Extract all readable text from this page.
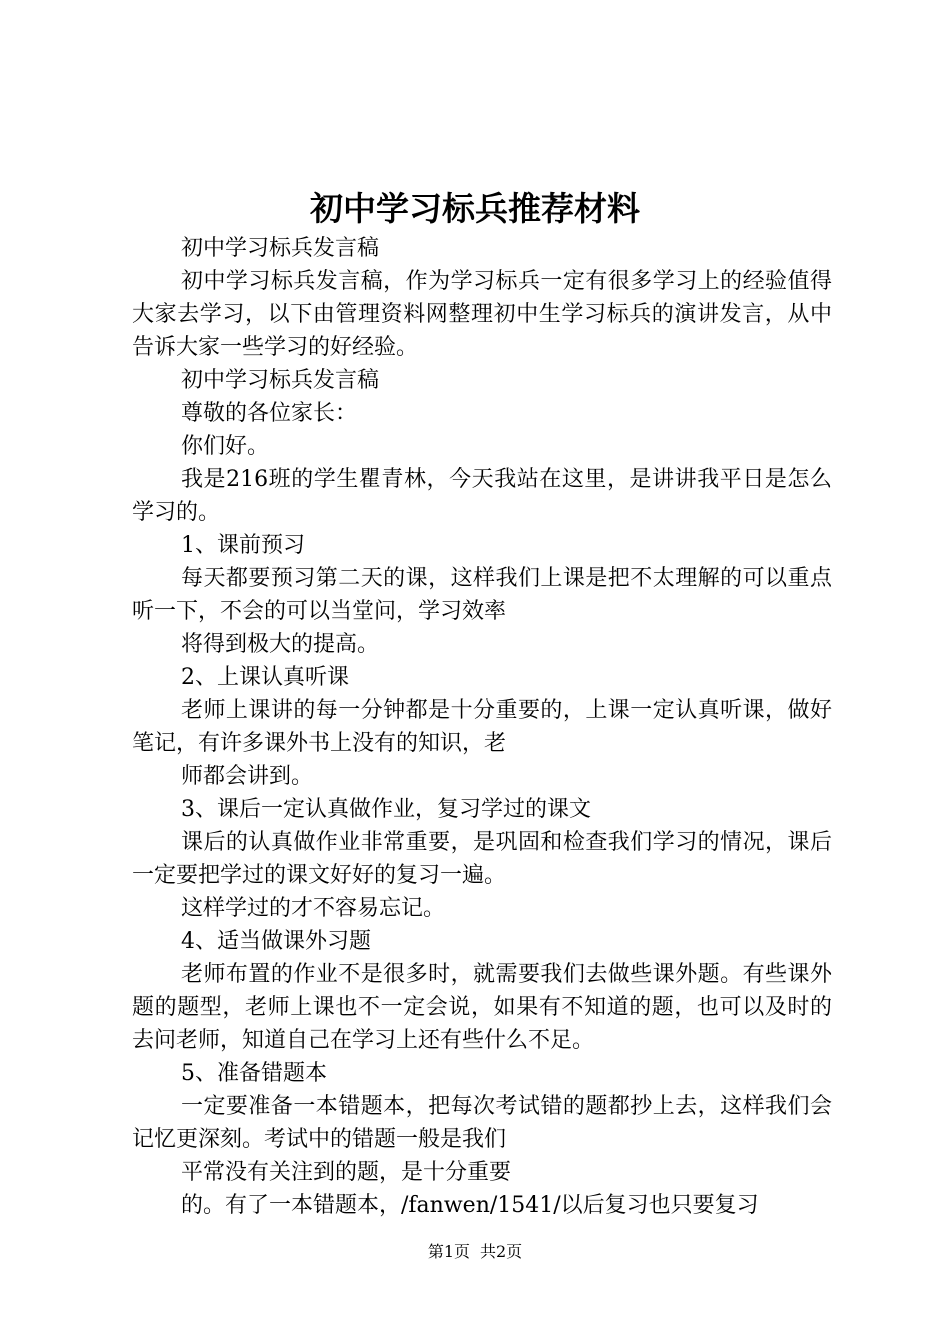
初中学习标兵推荐材料

初中学习标兵发言稿

初中学习标兵发言稿，作为学习标兵一定有很多学习上的经验值得大家去学习，以下由管理资料网整理初中生学习标兵的演讲发言，从中告诉大家一些学习的好经验。

初中学习标兵发言稿

尊敬的各位家长：

你们好。

我是216班的学生瞿青林，今天我站在这里，是讲讲我平日是怎么学习的。

1、课前预习

每天都要预习第二天的课，这样我们上课是把不太理解的可以重点听一下，不会的可以当堂问，学习效率

将得到极大的提高。

2、上课认真听课

老师上课讲的每一分钟都是十分重要的，上课一定认真听课，做好笔记，有许多课外书上没有的知识，老

师都会讲到。

3、课后一定认真做作业，复习学过的课文

课后的认真做作业非常重要，是巩固和检查我们学习的情况，课后一定要把学过的课文好好的复习一遍。

这样学过的才不容易忘记。

4、适当做课外习题

老师布置的作业不是很多时，就需要我们去做些课外题。有些课外题的题型，老师上课也不一定会说，如果有不知道的题，也可以及时的去问老师，知道自己在学习上还有些什么不足。

5、准备错题本

一定要准备一本错题本，把每次考试错的题都抄上去，这样我们会记忆更深刻。考试中的错题一般是我们

平常没有关注到的题，是十分重要

的。有了一本错题本，/fanwen/1541/以后复习也只要复习

第1页 共2页
